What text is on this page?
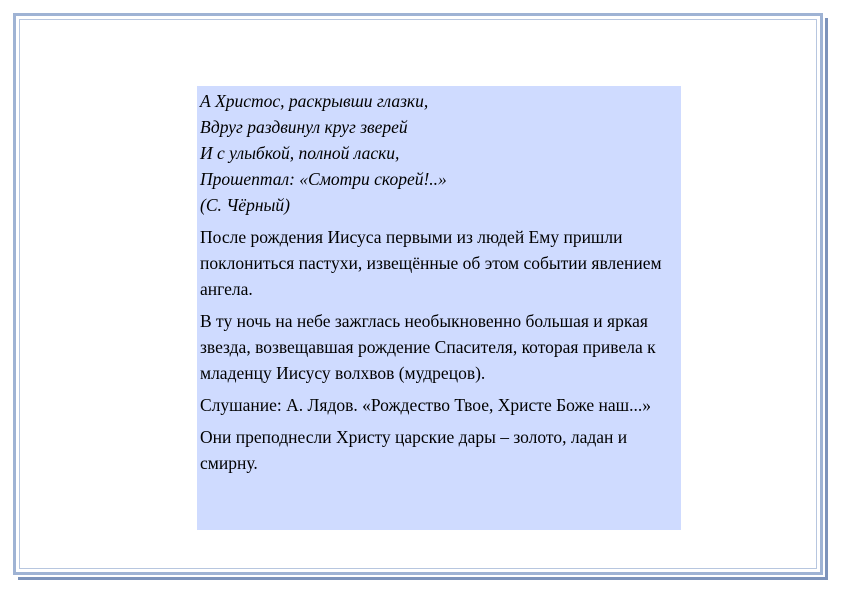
А Христос, раскрывши глазки,
Вдруг раздвинул круг зверей
И с улыбкой, полной ласки,
Прошептал: «Смотри скорей!..»
(С. Чёрный)

После рождения Иисуса первыми из людей Ему пришли поклониться пастухи, извещённые об этом событии явлением ангела.

В ту ночь на небе зажглась необыкновенно большая и яркая звезда, возвещавшая рождение Спасителя, которая привела к младенцу Иисусу волхвов (мудрецов).

Слушание: А. Лядов. «Рождество Твое, Христе Боже наш...»

Они преподнесли Христу царские дары – золото, ладан и смирну.
